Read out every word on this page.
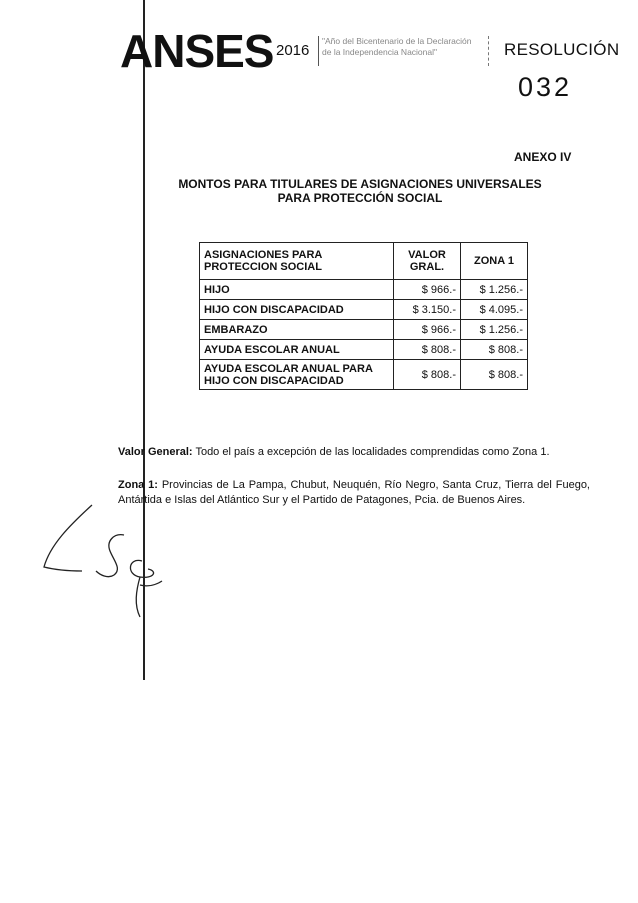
ANSES 2016
"Año del Bicentenario de la Declaración
de la Independencia Nacional"	RESOLUCIÓN
032
ANEXO IV
MONTOS PARA TITULARES DE ASIGNACIONES UNIVERSALES
PARA PROTECCIÓN SOCIAL
ASIGNACIONES PARA PROTECCION SOCIAL	VALOR GRAL.	ZONA 1
HIJO	$ 966.-	$ 1.256.-
HIJO CON DISCAPACIDAD	$ 3.150.-	$ 4.095.-
EMBARAZO	$ 966.-	$ 1.256.-
AYUDA ESCOLAR ANUAL	$ 808.-	$ 808.-
AYUDA ESCOLAR ANUAL PARA HIJO CON DISCAPACIDAD	$ 808.-	$ 808.-
Valor General: Todo el país a excepción de las localidades comprendidas como Zona 1.
Zona 1: Provincias de La Pampa, Chubut, Neuquén, Río Negro, Santa Cruz, Tierra del Fuego, Antártida e Islas del Atlántico Sur y el Partido de Patagones, Pcia. de Buenos Aires.
